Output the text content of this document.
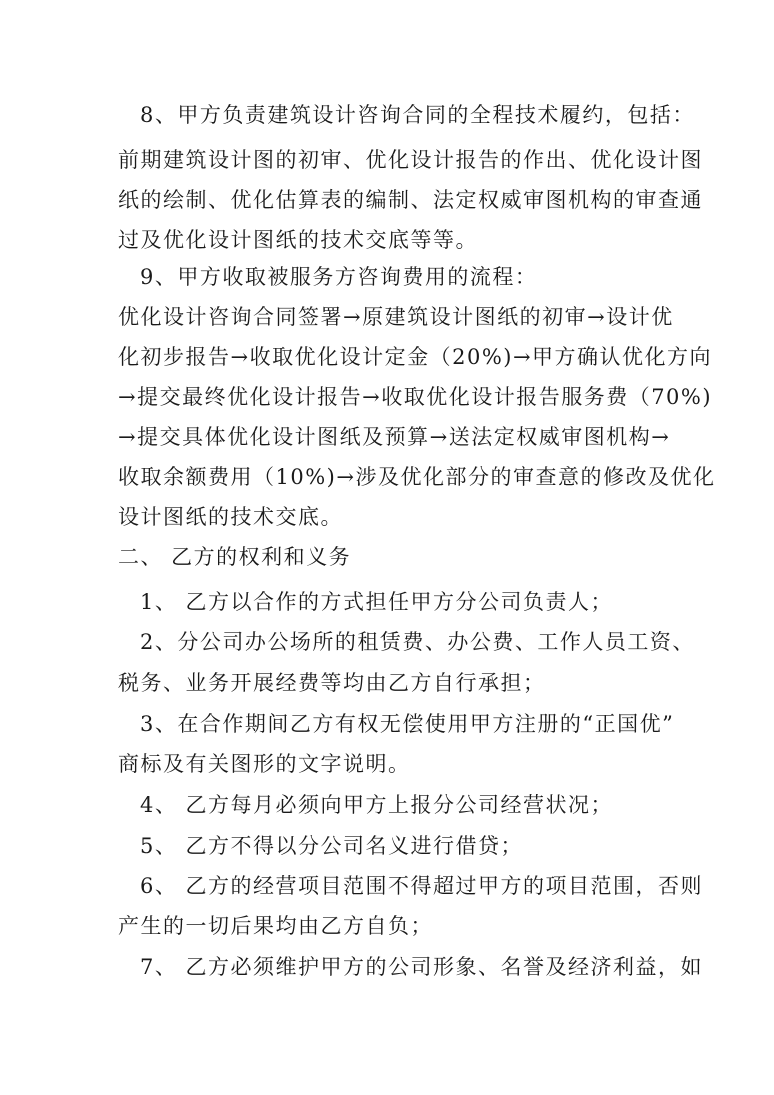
8、甲方负责建筑设计咨询合同的全程技术履约，包括：
前期建筑设计图的初审、优化设计报告的作出、优化设计图
纸的绘制、优化估算表的编制、法定权威审图机构的审查通
过及优化设计图纸的技术交底等等。
9、甲方收取被服务方咨询费用的流程：
优化设计咨询合同签署→原建筑设计图纸的初审→设计优
化初步报告→收取优化设计定金（20%)→甲方确认优化方向
→提交最终优化设计报告→收取优化设计报告服务费（70%)
→提交具体优化设计图纸及预算→送法定权威审图机构→
收取余额费用（10%)→涉及优化部分的审查意的修改及优化
设计图纸的技术交底。
二、 乙方的权利和义务
1、 乙方以合作的方式担任甲方分公司负责人；
2、分公司办公场所的租赁费、办公费、工作人员工资、
税务、业务开展经费等均由乙方自行承担；
3、在合作期间乙方有权无偿使用甲方注册的“正国优”
商标及有关图形的文字说明。
4、 乙方每月必须向甲方上报分公司经营状况；
5、 乙方不得以分公司名义进行借贷；
6、 乙方的经营项目范围不得超过甲方的项目范围，否则
产生的一切后果均由乙方自负；
7、 乙方必须维护甲方的公司形象、名誉及经济利益，如
